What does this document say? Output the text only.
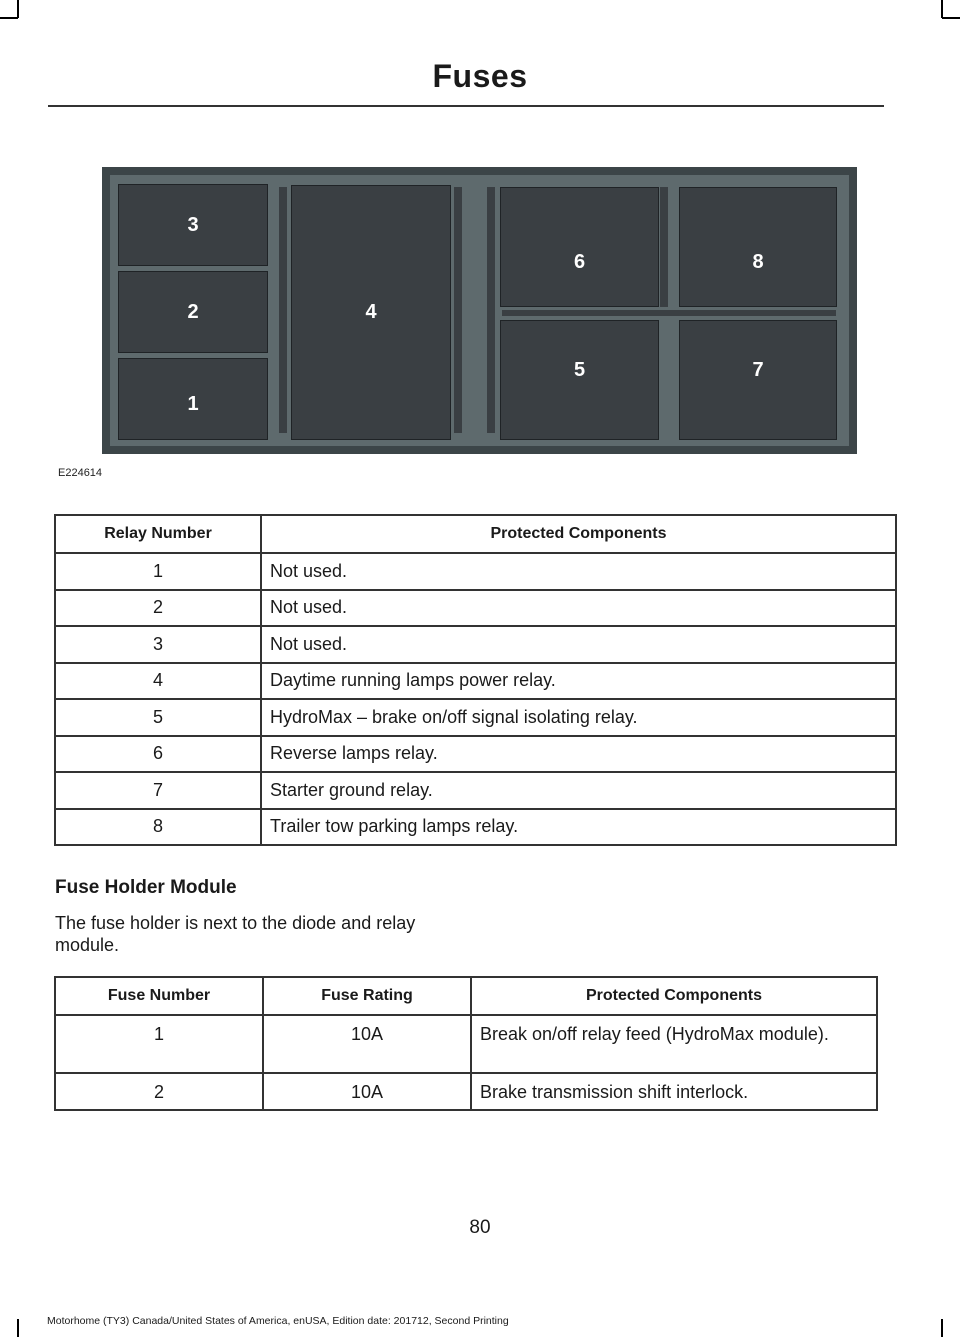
Fuses
3
2
1
4
6	8
5	7
E224614
Relay Number	Protected Components
1	Not used.
2	Not used.
3	Not used.
4	Daytime running lamps power relay.
5	HydroMax – brake on/off signal isolating relay.
6	Reverse lamps relay.
7	Starter ground relay.
8	Trailer tow parking lamps relay.
Fuse Holder Module
The fuse holder is next to the diode and relay module.
Fuse Number	Fuse Rating	Protected Components
1	10A	Break on/off relay feed (HydroMax module).
2	10A	Brake transmission shift interlock.
80
Motorhome (TY3) Canada/United States of America, enUSA, Edition date: 201712, Second Printing
